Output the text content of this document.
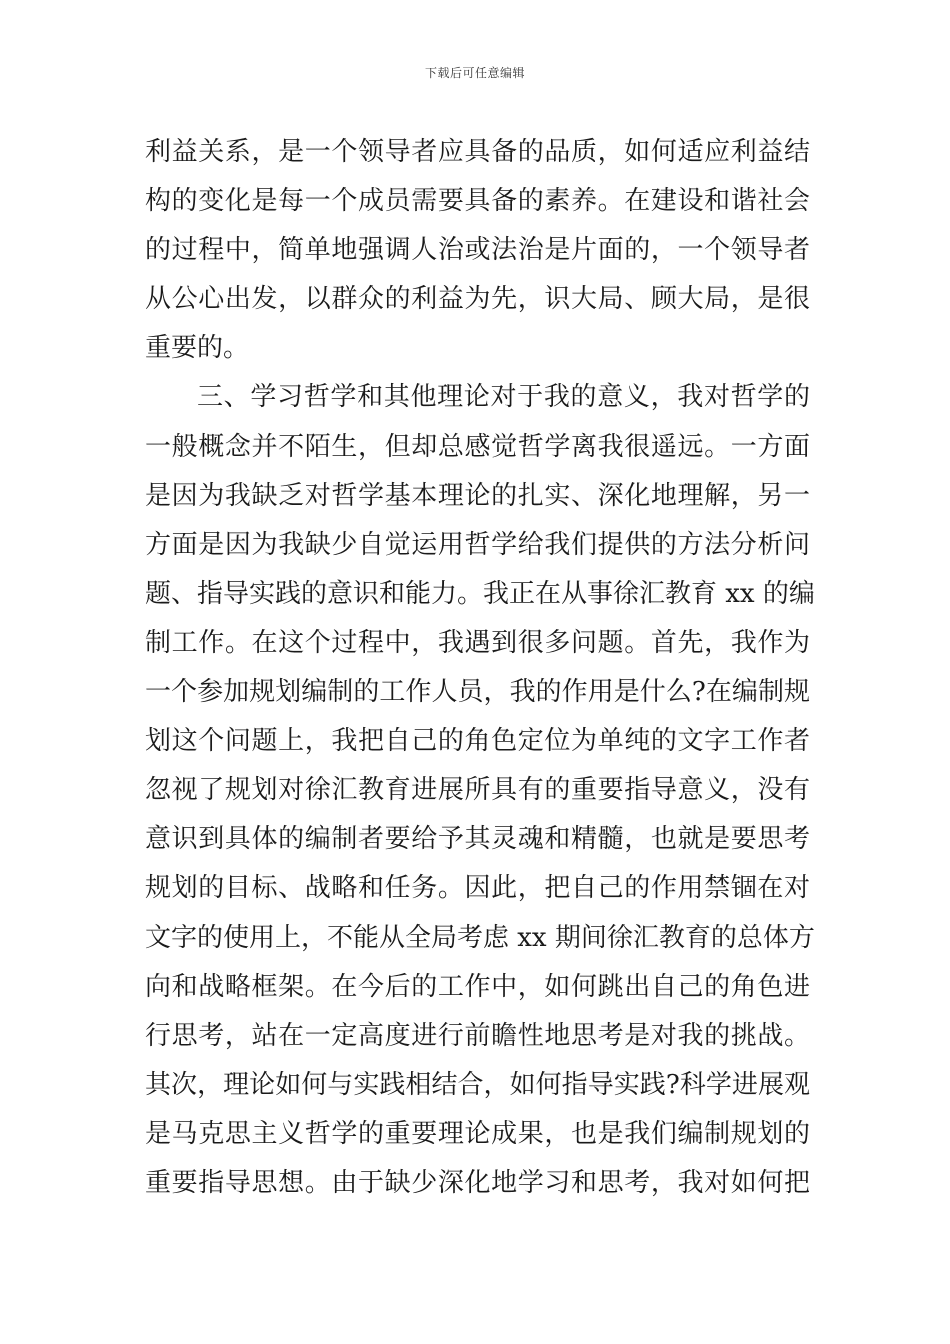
下载后可任意编辑
利益关系，是一个领导者应具备的品质，如何适应利益结
构的变化是每一个成员需要具备的素养。在建设和谐社会
的过程中，简单地强调人治或法治是片面的，一个领导者
从公心出发，以群众的利益为先，识大局、顾大局，是很
重要的。
三、学习哲学和其他理论对于我的意义，我对哲学的
一般概念并不陌生，但却总感觉哲学离我很遥远。一方面
是因为我缺乏对哲学基本理论的扎实、深化地理解，另一
方面是因为我缺少自觉运用哲学给我们提供的方法分析问
题、指导实践的意识和能力。我正在从事徐汇教育 xx 的编
制工作。在这个过程中，我遇到很多问题。首先，我作为
一个参加规划编制的工作人员，我的作用是什么?在编制规
划这个问题上，我把自己的角色定位为单纯的文字工作者
忽视了规划对徐汇教育进展所具有的重要指导意义，没有
意识到具体的编制者要给予其灵魂和精髓，也就是要思考
规划的目标、战略和任务。因此，把自己的作用禁锢在对
文字的使用上，不能从全局考虑 xx 期间徐汇教育的总体方
向和战略框架。在今后的工作中，如何跳出自己的角色进
行思考，站在一定高度进行前瞻性地思考是对我的挑战。
其次，理论如何与实践相结合，如何指导实践?科学进展观
是马克思主义哲学的重要理论成果，也是我们编制规划的
重要指导思想。由于缺少深化地学习和思考，我对如何把
